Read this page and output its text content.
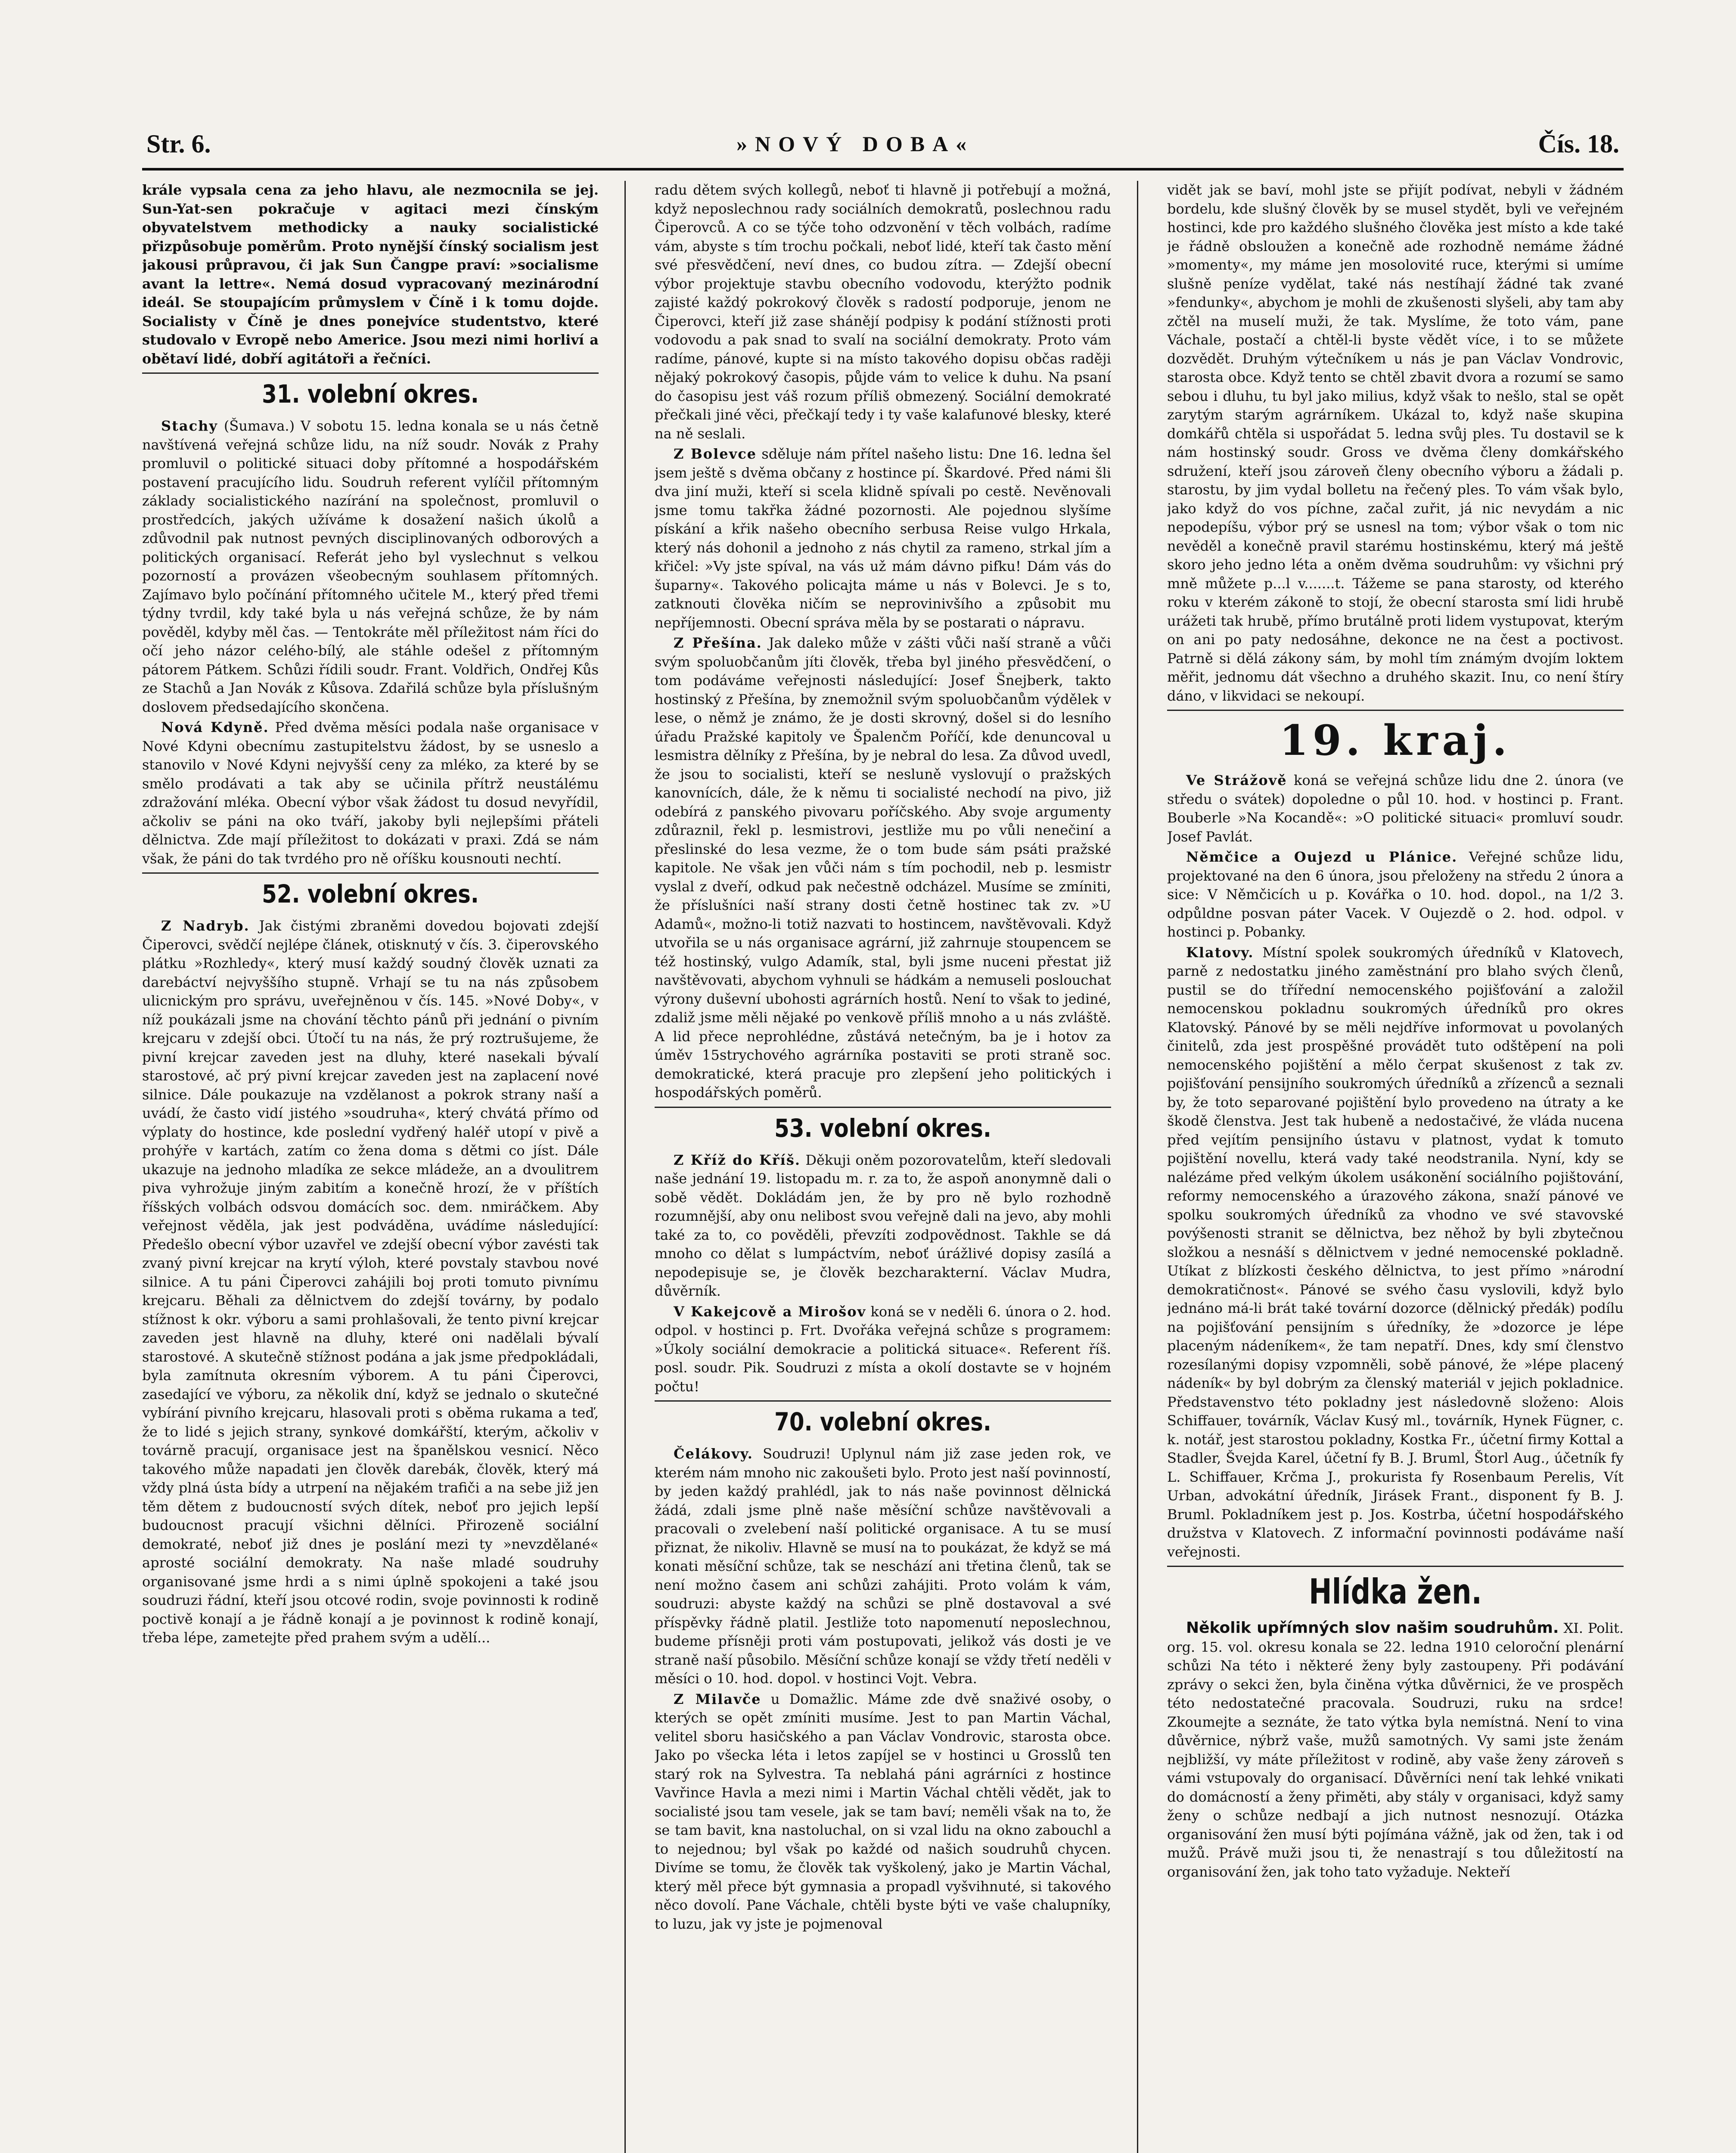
Str. 6.	»NOVÝ DOBA«	Čís. 18.

krále vypsala cena za jeho hlavu, ale nezmocnila se jej. Sun-Yat-sen pokračuje v agitaci mezi čínským obyvatelstvem methodicky a nauky socialistické přizpůsobuje poměrům. Proto nynější čínský socialism jest jakousi průpravou, či jak Sun Čangpe praví: »socialisme avant la lettre«. Nemá dosud vypracovaný mezinárodní ideál. Se stoupajícím průmyslem v Číně i k tomu dojde. Socialisty v Číně je dnes ponejvíce studentstvo, které studovalo v Evropě nebo Americe. Jsou mezi nimi horliví a obětaví lidé, dobří agitátoři a řečníci.

31. volební okres.

Stachy (Šumava.) V sobotu 15. ledna konala se u nás četně navštívená veřejná schůze lidu, na níž soudr. Novák z Prahy promluvil o politické situaci doby přítomné a hospodářském postavení pracujícího lidu. Soudruh referent vylíčil přítomným základy socialistického nazírání na společnost, promluvil o prostředcích, jakých užíváme k dosažení našich úkolů a zdůvodnil pak nutnost pevných disciplinovaných odborových a politických organisací. Referát jeho byl vyslechnut s velkou pozorností a provázen všeobecným souhlasem přítomných. Zajímavo bylo počínání přítomného učitele M., který před třemi týdny tvrdil, kdy také byla u nás veřejná schůze, že by nám pověděl, kdyby měl čas. — Tentokráte měl příležitost nám říci do očí jeho názor celého-bílý, ale stáhle odešel z přítomným pátorem Pátkem. Schůzi řídili soudr. Frant. Voldřich, Ondřej Kůs ze Stachů a Jan Novák z Kůsova. Zdařilá schůze byla příslušným doslovem předsedajícího skončena.

Nová Kdyně. Před dvěma měsíci podala naše organisace v Nové Kdyni obecnímu zastupitelstvu žádost, by se usneslo a stanovilo v Nové Kdyni nejvyšší ceny za mléko, za které by se smělo prodávati a tak aby se učinila přítrž neustálému zdražování mléka. Obecní výbor však žádost tu dosud nevyřídil, ačkoliv se páni na oko tváří, jakoby byli nejlepšími přáteli dělnictva. Zde mají příležitost to dokázati v praxi. Zdá se nám však, že páni do tak tvrdého pro ně oříšku kousnouti nechtí.

52. volební okres.

Z Nadryb. Jak čistými zbraněmi dovedou bojovati zdejší Čiperovci, svědčí nejlépe článek, otisknutý v čís. 3. čiperovského plátku »Rozhledy«, který musí každý soudný člověk uznati za darebáctví nejvyššího stupně. Vrhají se tu na nás způsobem ulicnickým pro správu, uveřejněnou v čís. 145. »Nové Doby«, v níž poukázali jsme na chování těchto pánů při jednání o pivním krejcaru v zdejší obci. Útočí tu na nás, že prý roztrušujeme, že pivní krejcar zaveden jest na dluhy, které nasekali bývalí starostové, ač prý pivní krejcar zaveden jest na zaplacení nové silnice. Dále poukazuje na vzdělanost a pokrok strany naší a uvádí, že často vidí jistého »soudruha«, který chvátá přímo od výplaty do hostince, kde poslední vydřený haléř utopí v pivě a prohýře v kartách, zatím co žena doma s dětmi co jíst. Dále ukazuje na jednoho mladíka ze sekce mládeže, an a dvoulitrem piva vyhrožuje jiným zabitím a konečně hrozí, že v příštích říšských volbách odsvou domácích soc. dem. nmiráčkem. Aby veřejnost věděla, jak jest podváděna, uvádíme následující: Předešlo obecní výbor uzavřel ve zdejší obecní výbor zavésti tak zvaný pivní krejcar na krytí výloh, které povstaly stavbou nové silnice. A tu páni Čiperovci zahájili boj proti tomuto pivnímu krejcaru. Běhali za dělnictvem do zdejší továrny, by podalo stížnost k okr. výboru a sami prohlašovali, že tento pivní krejcar zaveden jest hlavně na dluhy, které oni nadělali bývalí starostové. A skutečně stížnost podána a jak jsme předpokládali, byla zamítnuta okresním výborem. A tu páni Čiperovci, zasedající ve výboru, za několik dní, když se jednalo o skutečné vybírání pivního krejcaru, hlasovali proti s oběma rukama a teď, že to lidé s jejich strany, synkové domkářští, kterým, ačkoliv v továrně pracují, organisace jest na španělskou vesnicí. Něco takového může napadati jen člověk darebák, člověk, který má vždy plná ústa bídy a utrpení na nějakém trafiči a na sebe již jen těm dětem z budoucností svých dítek, neboť pro jejich lepší budoucnost pracují všichni dělníci. Přirozeně sociální demokraté, neboť již dnes je poslání mezi ty »nevzdělané« aprosté sociální demokraty. Na naše mladé soudruhy organisované jsme hrdi a s nimi úplně spokojeni a také jsou soudruzi řádní, kteří jsou otcové rodin, svoje povinnosti k rodině poctivě konají a je řádně konají a je povinnost k rodině konají, třeba lépe, zametejte před prahem svým a udělí...

radu dětem svých kollegů, neboť ti hlavně ji potřebují a možná, když neposlechnou rady sociálních demokratů, poslechnou radu Čiperovců. A co se týče toho odzvonění v těch volbách, radíme vám, abyste s tím trochu počkali, neboť lidé, kteří tak často mění své přesvědčení, neví dnes, co budou zítra. — Zdejší obecní výbor projektuje stavbu obecního vodovodu, kterýžto podnik zajisté každý pokrokový člověk s radostí podporuje, jenom ne Čiperovci, kteří již zase shánějí podpisy k podání stížnosti proti vodovodu a pak snad to svalí na sociální demokraty. Proto vám radíme, pánové, kupte si na místo takového dopisu občas raději nějaký pokrokový časopis, půjde vám to velice k duhu. Na psaní do časopisu jest váš rozum příliš obmezený. Sociální demokraté přečkali jiné věci, přečkají tedy i ty vaše kalafunové blesky, které na ně seslali.

Z Bolevce sděluje nám přítel našeho listu: Dne 16. ledna šel jsem ještě s dvěma občany z hostince pí. Škardové. Před námi šli dva jiní muži, kteří si scela klidně spívali po cestě. Nevěnovali jsme tomu takřka žádné pozornosti. Ale pojednou slyšíme pískání a křik našeho obecního serbusa Reise vulgo Hrkala, který nás dohonil a jednoho z nás chytil za rameno, strkal jím a křičel: »Vy jste spíval, na vás už mám dávno pifku! Dám vás do šuparny«. Takového policajta máme u nás v Bolevci. Je s to, zatknouti člověka ničím se neprovinivšího a způsobit mu nepříjemnosti. Obecní správa měla by se postarati o nápravu.

Z Přešína. Jak daleko může v zášti vůči naší straně a vůči svým spoluobčanům jíti člověk, třeba byl jiného přesvědčení, o tom podáváme veřejnosti následující: Josef Šnejberk, takto hostinský z Přešína, by znemožnil svým spoluobčanům výdělek v lese, o němž je známo, že je dosti skrovný, došel si do lesního úřadu Pražské kapitoly ve Špalenčm Poříčí, kde denuncoval u lesmistra dělníky z Přešína, by je nebral do lesa. Za důvod uvedl, že jsou to socialisti, kteří se nesluně vyslovují o pražských kanovnících, dále, že k němu ti socialisté nechodí na pivo, již odebírá z panského pivovaru poříčského. Aby svoje argumenty zdůraznil, řekl p. lesmistrovi, jestliže mu po vůli nenečiní a přeslinské do lesa vezme, že o tom bude sám psáti pražské kapitole. Ne však jen vůči nám s tím pochodil, neb p. lesmistr vyslal z dveří, odkud pak nečestně odcházel. Musíme se zmíniti, že příslušníci naší strany dosti četně hostinec tak zv. »U Adamů«, možno-li totiž nazvati to hostincem, navštěvovali. Když utvořila se u nás organisace agrární, již zahrnuje stoupencem se též hostinský, vulgo Adamík, stal, byli jsme nuceni přestat již navštěvovati, abychom vyhnuli se hádkám a nemuseli poslouchat výrony duševní ubohosti agrárních hostů. Není to však to jediné, zdaliž jsme měli nějaké po venkově příliš mnoho a u nás zvláště. A lid přece neprohlédne, zůstává netečným, ba je i hotov za úměv 15strychového agrárníka postaviti se proti straně soc. demokratické, která pracuje pro zlepšení jeho politických i hospodářských poměrů.

53. volební okres.

Z Kříž do Kříš. Děkuji oněm pozorovatelům, kteří sledovali naše jednání 19. listopadu m. r. za to, že aspoň anonymně dali o sobě vědět. Dokládám jen, že by pro ně bylo rozhodně rozumnější, aby onu nelibost svou veřejně dali na jevo, aby mohli také za to, co pověděli, převzíti zodpovědnost. Takhle se dá mnoho co dělat s lumpáctvím, neboť úrážlivé dopisy zasílá a nepodepisuje se, je člověk bezcharakterní. Václav Mudra, důvěrník.

V Kakejcově a Mirošov koná se v neděli 6. února o 2. hod. odpol. v hostinci p. Frt. Dvořáka veřejná schůze s programem: »Úkoly sociální demokracie a politická situace«. Referent říš. posl. soudr. Pik. Soudruzi z místa a okolí dostavte se v hojném počtu!

70. volební okres.

Čelákovy. Soudruzi! Uplynul nám již zase jeden rok, ve kterém nám mnoho nic zakoušeti bylo. Proto jest naší povinností, by jeden každý prahlédl, jak to nás naše povinnost dělnická žádá, zdali jsme plně naše měsíční schůze navštěvovali a pracovali o zvelebení naší politické organisace. A tu se musí přiznat, že nikoliv. Hlavně se musí na to poukázat, že když se má konati měsíční schůze, tak se neschází ani třetina členů, tak se není možno časem ani schůzi zahájiti. Proto volám k vám, soudruzi: abyste každý na schůzi se plně dostavoval a své příspěvky řádně platil. Jestliže toto napomenutí neposlechnou, budeme přísněji proti vám postupovati, jelikož vás dosti je ve straně naší působilo. Měsíční schůze konají se vždy třetí neděli v měsíci o 10. hod. dopol. v hostinci Vojt. Vebra.

Z Milavče u Domažlic. Máme zde dvě snaživé osoby, o kterých se opět zmíniti musíme. Jest to pan Martin Váchal, velitel sboru hasičského a pan Václav Vondrovic, starosta obce. Jako po všecka léta i letos zapíjel se v hostinci u Grosslů ten starý rok na Sylvestra. Ta neblahá páni agrárníci z hostince Vavřince Havla a mezi nimi i Martin Váchal chtěli vědět, jak to socialisté jsou tam vesele, jak se tam baví; neměli však na to, že se tam bavit, kna nastoluchal, on si vzal lidu na okno zabouchl a to nejednou; byl však po každé od našich soudruhů chycen. Divíme se tomu, že člověk tak vyškolený, jako je Martin Váchal, který měl přece být gymnasia a propadl vyšvihnuté, si takového něco dovolí. Pane Váchale, chtěli byste býti ve vaše chalupníky, to luzu, jak vy jste je pojmenoval

vidět jak se baví, mohl jste se přijít podívat, nebyli v žádném bordelu, kde slušný člověk by se musel stydět, byli ve veřejném hostinci, kde pro každého slušného člověka jest místo a kde také je řádně obsloužen a konečně ade rozhodně nemáme žádné »momenty«, my máme jen mosolovité ruce, kterými si umíme slušně peníze vydělat, také nás nestíhají žádné tak zvané »fendunky«, abychom je mohli de zkušenosti slyšeli, aby tam aby zčtěl na muselí muži, že tak. Myslíme, že toto vám, pane Váchale, postačí a chtěl-li byste vědět více, i to se můžete dozvědět. Druhým výtečníkem u nás je pan Václav Vondrovic, starosta obce. Když tento se chtěl zbavit dvora a rozumí se samo sebou i dluhu, tu byl jako milius, když však to nešlo, stal se opět zarytým starým agrárníkem. Ukázal to, když naše skupina domkářů chtěla si uspořádat 5. ledna svůj ples. Tu dostavil se k nám hostinský soudr. Gross ve dvěma členy domkářského sdružení, kteří jsou zároveň členy obecního výboru a žádali p. starostu, by jim vydal bolletu na řečený ples. To vám však bylo, jako když do vos píchne, začal zuřit, já nic nevydám a nic nepodepíšu, výbor prý se usnesl na tom; výbor však o tom nic nevěděl a konečně pravil starému hostinskému, který má ještě skoro jeho jedno léta a oněm dvěma soudruhům: vy všichni prý mně můžete p...l v.......t. Tážeme se pana starosty, od kterého roku v kterém zákoně to stojí, že obecní starosta smí lidi hrubě urážeti tak hrubě, přímo brutálně proti lidem vystupovat, kterým on ani po paty nedosáhne, dekonce ne na čest a poctivost. Patrně si dělá zákony sám, by mohl tím známým dvojím loktem měřit, jednomu dát všechno a druhého skazit. Inu, co není štíry dáno, v likvidaci se nekoupí.

19. kraj.

Ve Strážově koná se veřejná schůze lidu dne 2. února (ve středu o svátek) dopoledne o půl 10. hod. v hostinci p. Frant. Bouberle »Na Kocandě«: »O politické situaci« promluví soudr. Josef Pavlát.

Němčice a Oujezd u Plánice. Veřejné schůze lidu, projektované na den 6 února, jsou přeloženy na středu 2 února a sice: V Němčicích u p. Kovářka o 10. hod. dopol., na 1/2 3. odpůldne posvan páter Vacek. V Oujezdě o 2. hod. odpol. v hostinci p. Pobanky.

Klatovy. Místní spolek soukromých úředníků v Klatovech, parně z nedostatku jiného zaměstnání pro blaho svých členů, pustil se do třířední nemocenského pojišťování a založil nemocenskou pokladnu soukromých úředníků pro okres Klatovský. Pánové by se měli nejdříve informovat u povolaných činitelů, zda jest prospěšné provádět tuto odštěpení na poli nemocenského pojištění a mělo čerpat skušenost z tak zv. pojišťování pensijního soukromých úředníků a zřízenců a seznali by, že toto separované pojištění bylo provedeno na útraty a ke škodě členstva. Jest tak hubeně a nedostačivé, že vláda nucena před vejítím pensijního ústavu v platnost, vydat k tomuto pojištění novellu, která vady také neodstranila. Nyní, kdy se nalézáme před velkým úkolem usákonění sociálního pojištování, reformy nemocenského a úrazového zákona, snaží pánové ve spolku soukromých úředníků za vhodno ve své stavovské povýšenosti stranit se dělnictva, bez něhož by byli zbytečnou složkou a nesnáší s dělnictvem v jedné nemocenské pokladně. Utíkat z blízkosti českého dělnictva, to jest přímo »národní demokratičnost«. Pánové se svého času vyslovili, když bylo jednáno má-li brát také tovární dozorce (dělnický předák) podílu na pojišťování pensijním s úředníky, že »dozorce je lépe placeným nádeníkem«, že tam nepatří. Dnes, kdy smí členstvo rozesílanými dopisy vzpomněli, sobě pánové, že »lépe placený nádeník« by byl dobrým za členský materiál v jejich pokladnice. Představenstvo této pokladny jest následovně složeno: Alois Schiffauer, továrník, Václav Kusý ml., továrník, Hynek Fügner, c. k. notář, jest starostou pokladny, Kostka Fr., účetní firmy Kottal a Stadler, Švejda Karel, účetní fy B. J. Bruml, Štorl Aug., účetník fy L. Schiffauer, Krčma J., prokurista fy Rosenbaum Perelis, Vít Urban, advokátní úředník, Jirásek Frant., disponent fy B. J. Bruml. Pokladníkem jest p. Jos. Kostrba, účetní hospodářského družstva v Klatovech. Z informační povinnosti podáváme naší veřejnosti.

Hlídka žen.

Několik upřímných slov našim soudruhům. XI. Polit. org. 15. vol. okresu konala se 22. ledna 1910 celoroční plenární schůzi Na této i některé ženy byly zastoupeny. Při podávání zprávy o sekci žen, byla činěna výtka důvěrnici, že ve prospěch této nedostatečné pracovala. Soudruzi, ruku na srdce! Zkoumejte a seznáte, že tato výtka byla nemístná. Není to vina důvěrnice, nýbrž vaše, mužů samotných. Vy sami jste ženám nejbližší, vy máte příležitost v rodině, aby vaše ženy zároveň s vámi vstupovaly do organisací. Důvěrníci není tak lehké vnikati do domácností a ženy přiměti, aby stály v organisaci, když samy ženy o schůze nedbají a jich nutnost nesnozují. Otázka organisování žen musí býti pojímána vážně, jak od žen, tak i od mužů. Právě muži jsou ti, že nenastrají s tou důležitostí na organisování žen, jak toho tato vyžaduje. Nekteří
